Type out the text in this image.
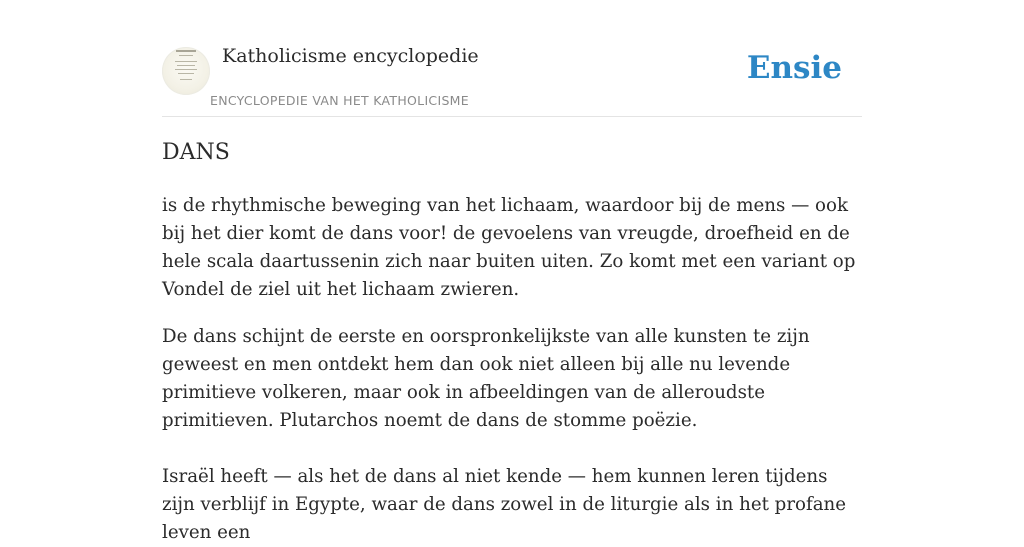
Katholicisme encyclopedie
ENCYCLOPEDIE VAN HET KATHOLICISME
Ensie
DANS

is de rhythmische beweging van het lichaam, waardoor bij de mens — ook bij het dier komt de dans voor! de gevoelens van vreugde, droefheid en de hele scala daartussenin zich naar buiten uiten. Zo komt met een variant op Vondel de ziel uit het lichaam zwieren.

De dans schijnt de eerste en oorspronkelijkste van alle kunsten te zijn geweest en men ontdekt hem dan ook niet alleen bij alle nu levende primitieve volkeren, maar ook in afbeeldingen van de alleroudste primitieven. Plutarchos noemt de dans de stomme poëzie.

Israël heeft — als het de dans al niet kende — hem kunnen leren tijdens zijn verblijf in Egypte, waar de dans zowel in de liturgie als in het profane leven een
